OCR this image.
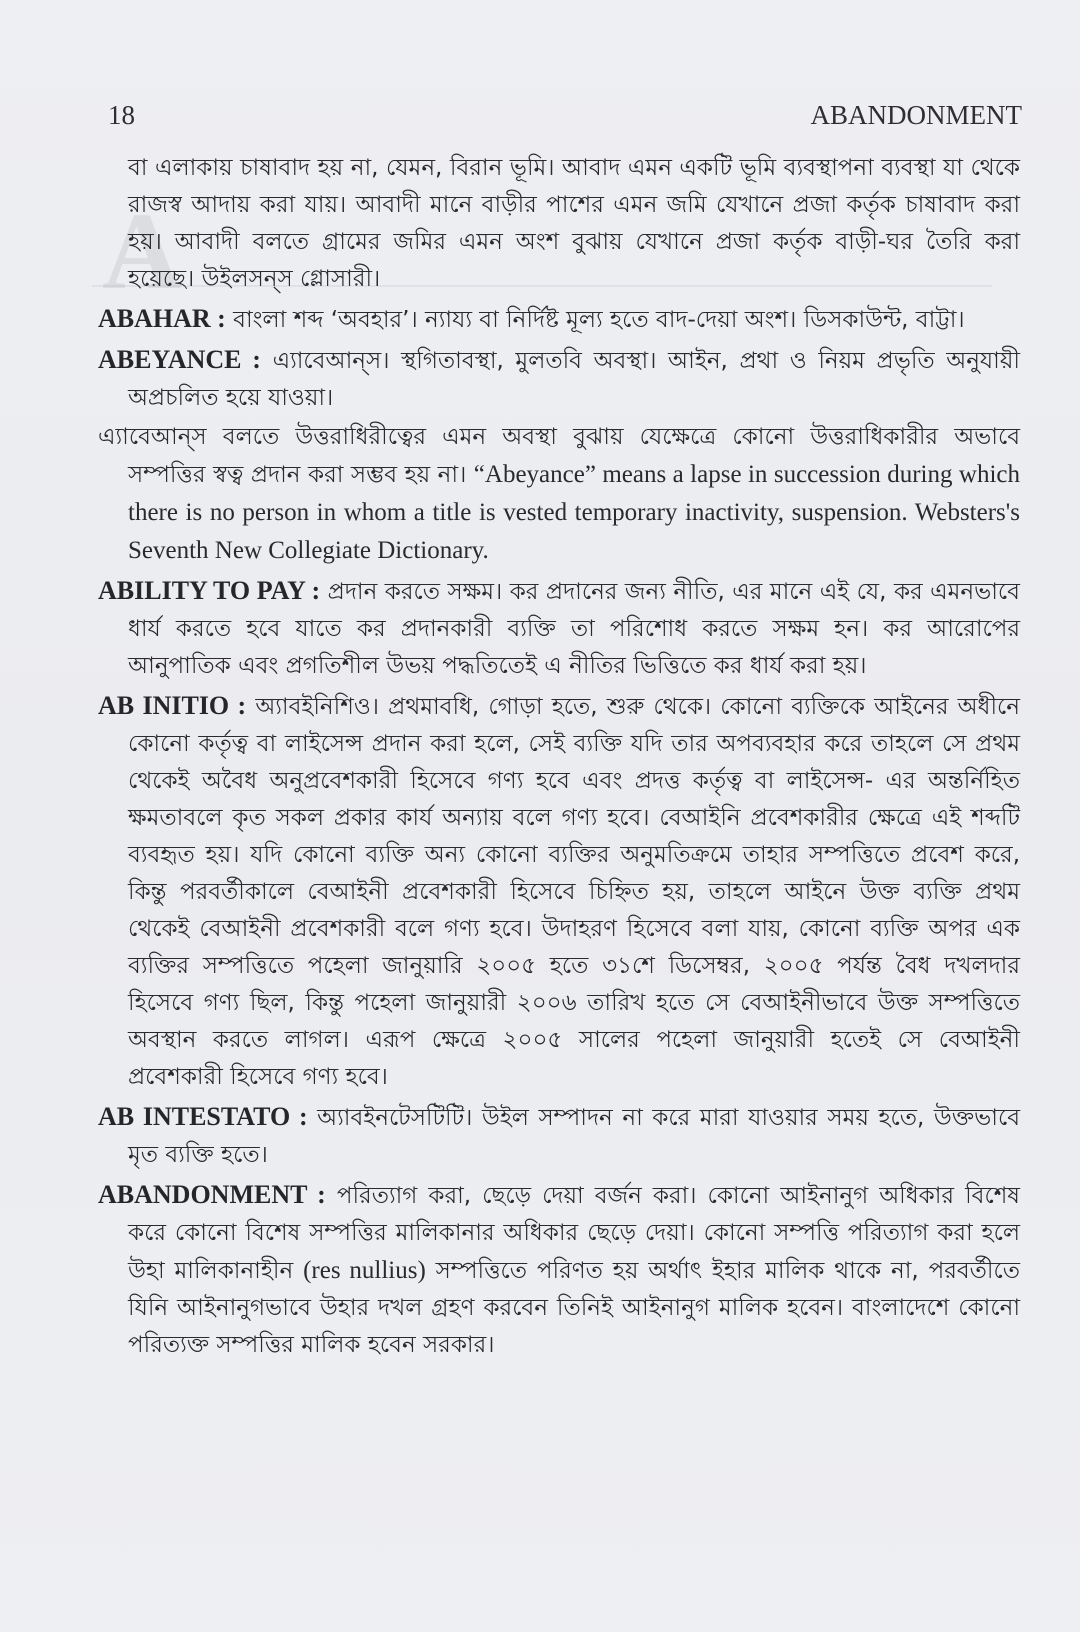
A
18	ABANDONMENT

বা এলাকায় চাষাবাদ হয় না, যেমন, বিরান ভূমি। আবাদ এমন একটি ভূমি ব্যবস্থাপনা ব্যবস্থা যা থেকে রাজস্ব আদায় করা যায়। আবাদী মানে বাড়ীর পাশের এমন জমি যেখানে প্রজা কর্তৃক চাষাবাদ করা হয়। আবাদী বলতে গ্রামের জমির এমন অংশ বুঝায় যেখানে প্রজা কর্তৃক বাড়ী-ঘর তৈরি করা হয়েছে। উইলসন্‌স গ্লোসারী।

ABAHAR : বাংলা শব্দ ‘অবহার’। ন্যায্য বা নির্দিষ্ট মূল্য হতে বাদ-দেয়া অংশ। ডিসকাউন্ট, বাট্টা।

ABEYANCE : এ্যাবেআন্‌স। স্থগিতাবস্থা, মুলতবি অবস্থা। আইন, প্রথা ও নিয়ম প্রভৃতি অনুযায়ী অপ্রচলিত হয়ে যাওয়া।

এ্যাবেআন্‌স বলতে উত্তরাধিরীত্বের এমন অবস্থা বুঝায় যেক্ষেত্রে কোনো উত্তরাধিকারীর অভাবে সম্পত্তির স্বত্ব প্রদান করা সম্ভব হয় না। “Abeyance” means a lapse in succession during which there is no person in whom a title is vested temporary inactivity, suspension. Websters's Seventh New Collegiate Dictionary.

ABILITY TO PAY : প্রদান করতে সক্ষম। কর প্রদানের জন্য নীতি, এর মানে এই যে, কর এমনভাবে ধার্য করতে হবে যাতে কর প্রদানকারী ব্যক্তি তা পরিশোধ করতে সক্ষম হন। কর আরোপের আনুপাতিক এবং প্রগতিশীল উভয় পদ্ধতিতেই এ নীতির ভিত্তিতে কর ধার্য করা হয়।

AB INITIO : অ্যাবইনিশিও। প্রথমাবধি, গোড়া হতে, শুরু থেকে। কোনো ব্যক্তিকে আইনের অধীনে কোনো কর্তৃত্ব বা লাইসেন্স প্রদান করা হলে, সেই ব্যক্তি যদি তার অপব্যবহার করে তাহলে সে প্রথম থেকেই অবৈধ অনুপ্রবেশকারী হিসেবে গণ্য হবে এবং প্রদত্ত কর্তৃত্ব বা লাইসেন্স- এর অন্তর্নিহিত ক্ষমতাবলে কৃত সকল প্রকার কার্য অন্যায় বলে গণ্য হবে। বেআইনি প্রবেশকারীর ক্ষেত্রে এই শব্দটি ব্যবহৃত হয়। যদি কোনো ব্যক্তি অন্য কোনো ব্যক্তির অনুমতিক্রমে তাহার সম্পত্তিতে প্রবেশ করে, কিন্তু পরবর্তীকালে বেআইনী প্রবেশকারী হিসেবে চিহ্নিত হয়, তাহলে আইনে উক্ত ব্যক্তি প্রথম থেকেই বেআইনী প্রবেশকারী বলে গণ্য হবে। উদাহরণ হিসেবে বলা যায়, কোনো ব্যক্তি অপর এক ব্যক্তির সম্পত্তিতে পহেলা জানুয়ারি ২০০৫ হতে ৩১শে ডিসেম্বর, ২০০৫ পর্যন্ত বৈধ দখলদার হিসেবে গণ্য ছিল, কিন্তু পহেলা জানুয়ারী ২০০৬ তারিখ হতে সে বেআইনীভাবে উক্ত সম্পত্তিতে অবস্থান করতে লাগল। এরূপ ক্ষেত্রে ২০০৫ সালের পহেলা জানুয়ারী হতেই সে বেআইনী প্রবেশকারী হিসেবে গণ্য হবে।

AB INTESTATO : অ্যাবইনটেসটিটি। উইল সম্পাদন না করে মারা যাওয়ার সময় হতে, উক্তভাবে মৃত ব্যক্তি হতে।

ABANDONMENT : পরিত্যাগ করা, ছেড়ে দেয়া বর্জন করা। কোনো আইনানুগ অধিকার বিশেষ করে কোনো বিশেষ সম্পত্তির মালিকানার অধিকার ছেড়ে দেয়া। কোনো সম্পত্তি পরিত্যাগ করা হলে উহা মালিকানাহীন (res nullius) সম্পত্তিতে পরিণত হয় অর্থাৎ ইহার মালিক থাকে না, পরবর্তীতে যিনি আইনানুগভাবে উহার দখল গ্রহণ করবেন তিনিই আইনানুগ মালিক হবেন। বাংলাদেশে কোনো পরিত্যক্ত সম্পত্তির মালিক হবেন সরকার।
